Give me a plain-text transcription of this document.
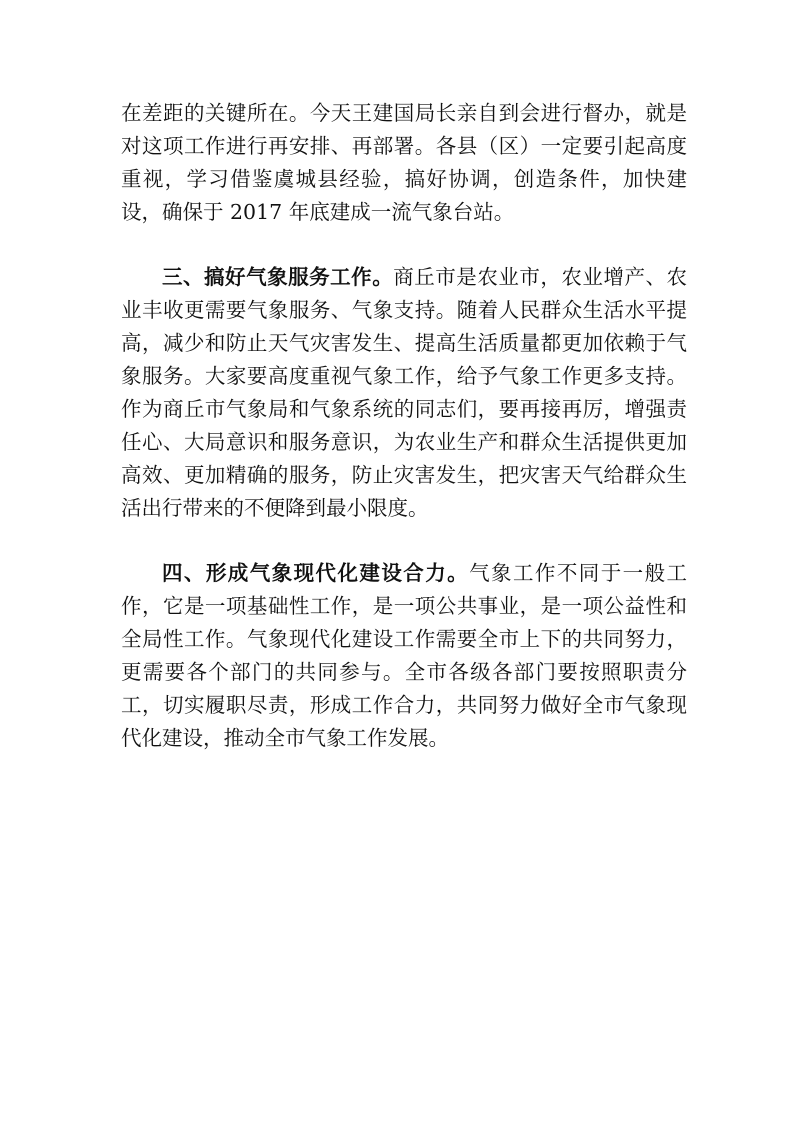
在差距的关键所在。今天王建国局长亲自到会进行督办，就是对这项工作进行再安排、再部署。各县（区）一定要引起高度重视，学习借鉴虞城县经验，搞好协调，创造条件，加快建设，确保于 2017 年底建成一流气象台站。

三、搞好气象服务工作。商丘市是农业市，农业增产、农业丰收更需要气象服务、气象支持。随着人民群众生活水平提高，减少和防止天气灾害发生、提高生活质量都更加依赖于气象服务。大家要高度重视气象工作，给予气象工作更多支持。作为商丘市气象局和气象系统的同志们，要再接再厉，增强责任心、大局意识和服务意识，为农业生产和群众生活提供更加高效、更加精确的服务，防止灾害发生，把灾害天气给群众生活出行带来的不便降到最小限度。

四、形成气象现代化建设合力。气象工作不同于一般工作，它是一项基础性工作，是一项公共事业，是一项公益性和全局性工作。气象现代化建设工作需要全市上下的共同努力，更需要各个部门的共同参与。全市各级各部门要按照职责分工，切实履职尽责，形成工作合力，共同努力做好全市气象现代化建设，推动全市气象工作发展。
